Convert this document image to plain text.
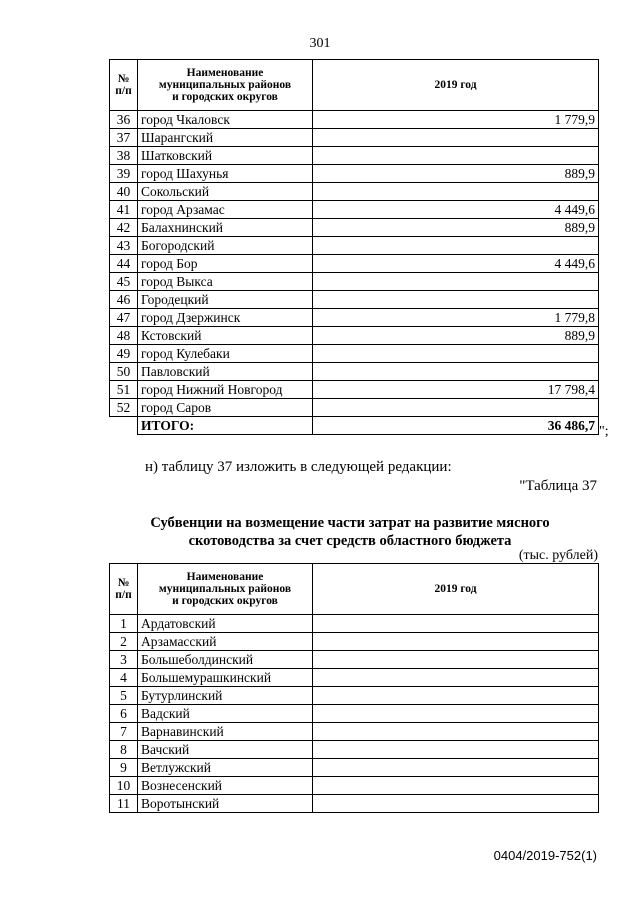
301
№
п/п	Наименование
муниципальных районов
и городских округов	2019 год
36	город Чкаловск	1 779,9
37	Шарангский	
38	Шатковский	
39	город Шахунья	889,9
40	Сокольский	
41	город Арзамас	4 449,6
42	Балахнинский	889,9
43	Богородский	
44	город Бор	4 449,6
45	город Выкса	
46	Городецкий	
47	город Дзержинск	1 779,8
48	Кстовский	889,9
49	город Кулебаки	
50	Павловский	
51	город Нижний Новгород	17 798,4
52	город Саров	
	ИТОГО:	36 486,7 ";
н) таблицу 37 изложить в следующей редакции:
"Таблица 37
Субвенции на возмещение части затрат на развитие мясного
скотоводства за счет средств областного бюджета
(тыс. рублей)
№
п/п	Наименование
муниципальных районов
и городских округов	2019 год
1	Ардатовский	
2	Арзамасский	
3	Большеболдинский	
4	Большемурашкинский	
5	Бутурлинский	
6	Вадский	
7	Варнавинский	
8	Вачский	
9	Ветлужский	
10	Вознесенский	
11	Воротынский	
0404/2019-752(1)
